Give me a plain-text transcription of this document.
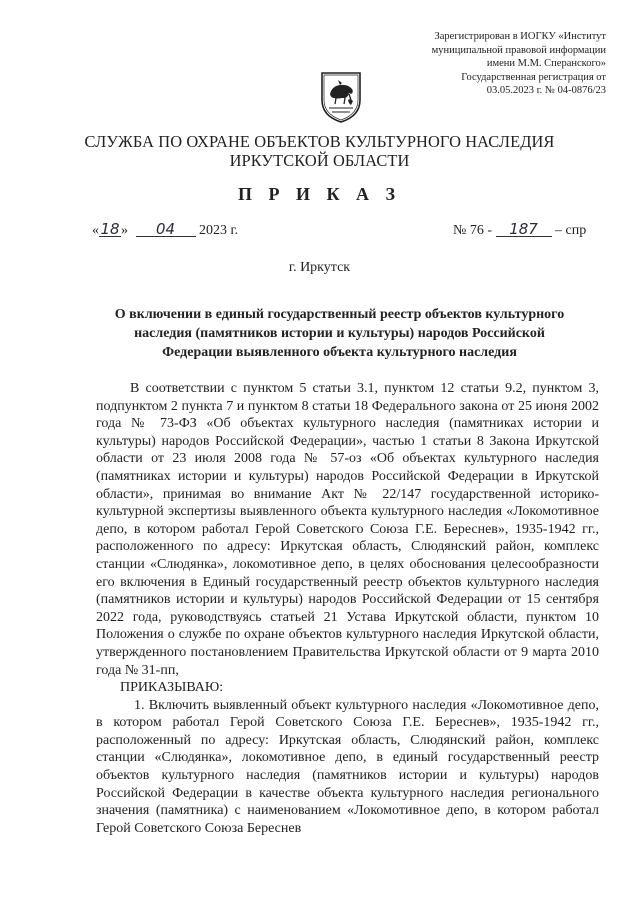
Зарегистрирован в ИОГКУ «Институт
муниципальной правовой информации
имени М.М. Сперанского»
Государственная регистрация от
03.05.2023 г. № 04-0876/23
СЛУЖБА ПО ОХРАНЕ ОБЪЕКТОВ КУЛЬТУРНОГО НАСЛЕДИЯ
ИРКУТСКОЙ ОБЛАСТИ
П Р И К А З
«18» 04 2023 г.	№ 76 - 187 – спр
г. Иркутск
О включении в единый государственный реестр объектов культурного
наследия (памятников истории и культуры) народов Российской
Федерации выявленного объекта культурного наследия

В соответствии с пунктом 5 статьи 3.1, пунктом 12 статьи 9.2, пунктом 3, подпунктом 2 пункта 7 и пунктом 8 статьи 18 Федерального закона от 25 июня 2002 года № 73-ФЗ «Об объектах культурного наследия (памятниках истории и культуры) народов Российской Федерации», частью 1 статьи 8 Закона Иркутской области от 23 июля 2008 года № 57-оз «Об объектах культурного наследия (памятниках истории и культуры) народов Российской Федерации в Иркутской области», принимая во внимание Акт № 22/147 государственной историко-культурной экспертизы выявленного объекта культурного наследия «Локомотивное депо, в котором работал Герой Советского Союза Г.Е. Береснев», 1935-1942 гг., расположенного по адресу: Иркутская область, Слюдянский район, комплекс станции «Слюдянка», локомотивное депо, в целях обоснования целесообразности его включения в Единый государственный реестр объектов культурного наследия (памятников истории и культуры) народов Российской Федерации от 15 сентября 2022 года, руководствуясь статьей 21 Устава Иркутской области, пунктом 10 Положения о службе по охране объектов культурного наследия Иркутской области, утвержденного постановлением Правительства Иркутской области от 9 марта 2010 года № 31-пп,

ПРИКАЗЫВАЮ:

1. Включить выявленный объект культурного наследия «Локомотивное депо, в котором работал Герой Советского Союза Г.Е. Береснев», 1935-1942 гг., расположенный по адресу: Иркутская область, Слюдянский район, комплекс станции «Слюдянка», локомотивное депо, в единый государственный реестр объектов культурного наследия (памятников истории и культуры) народов Российской Федерации в качестве объекта культурного наследия регионального значения (памятника) с наименованием «Локомотивное депо, в котором работал Герой Советского Союза Береснев
